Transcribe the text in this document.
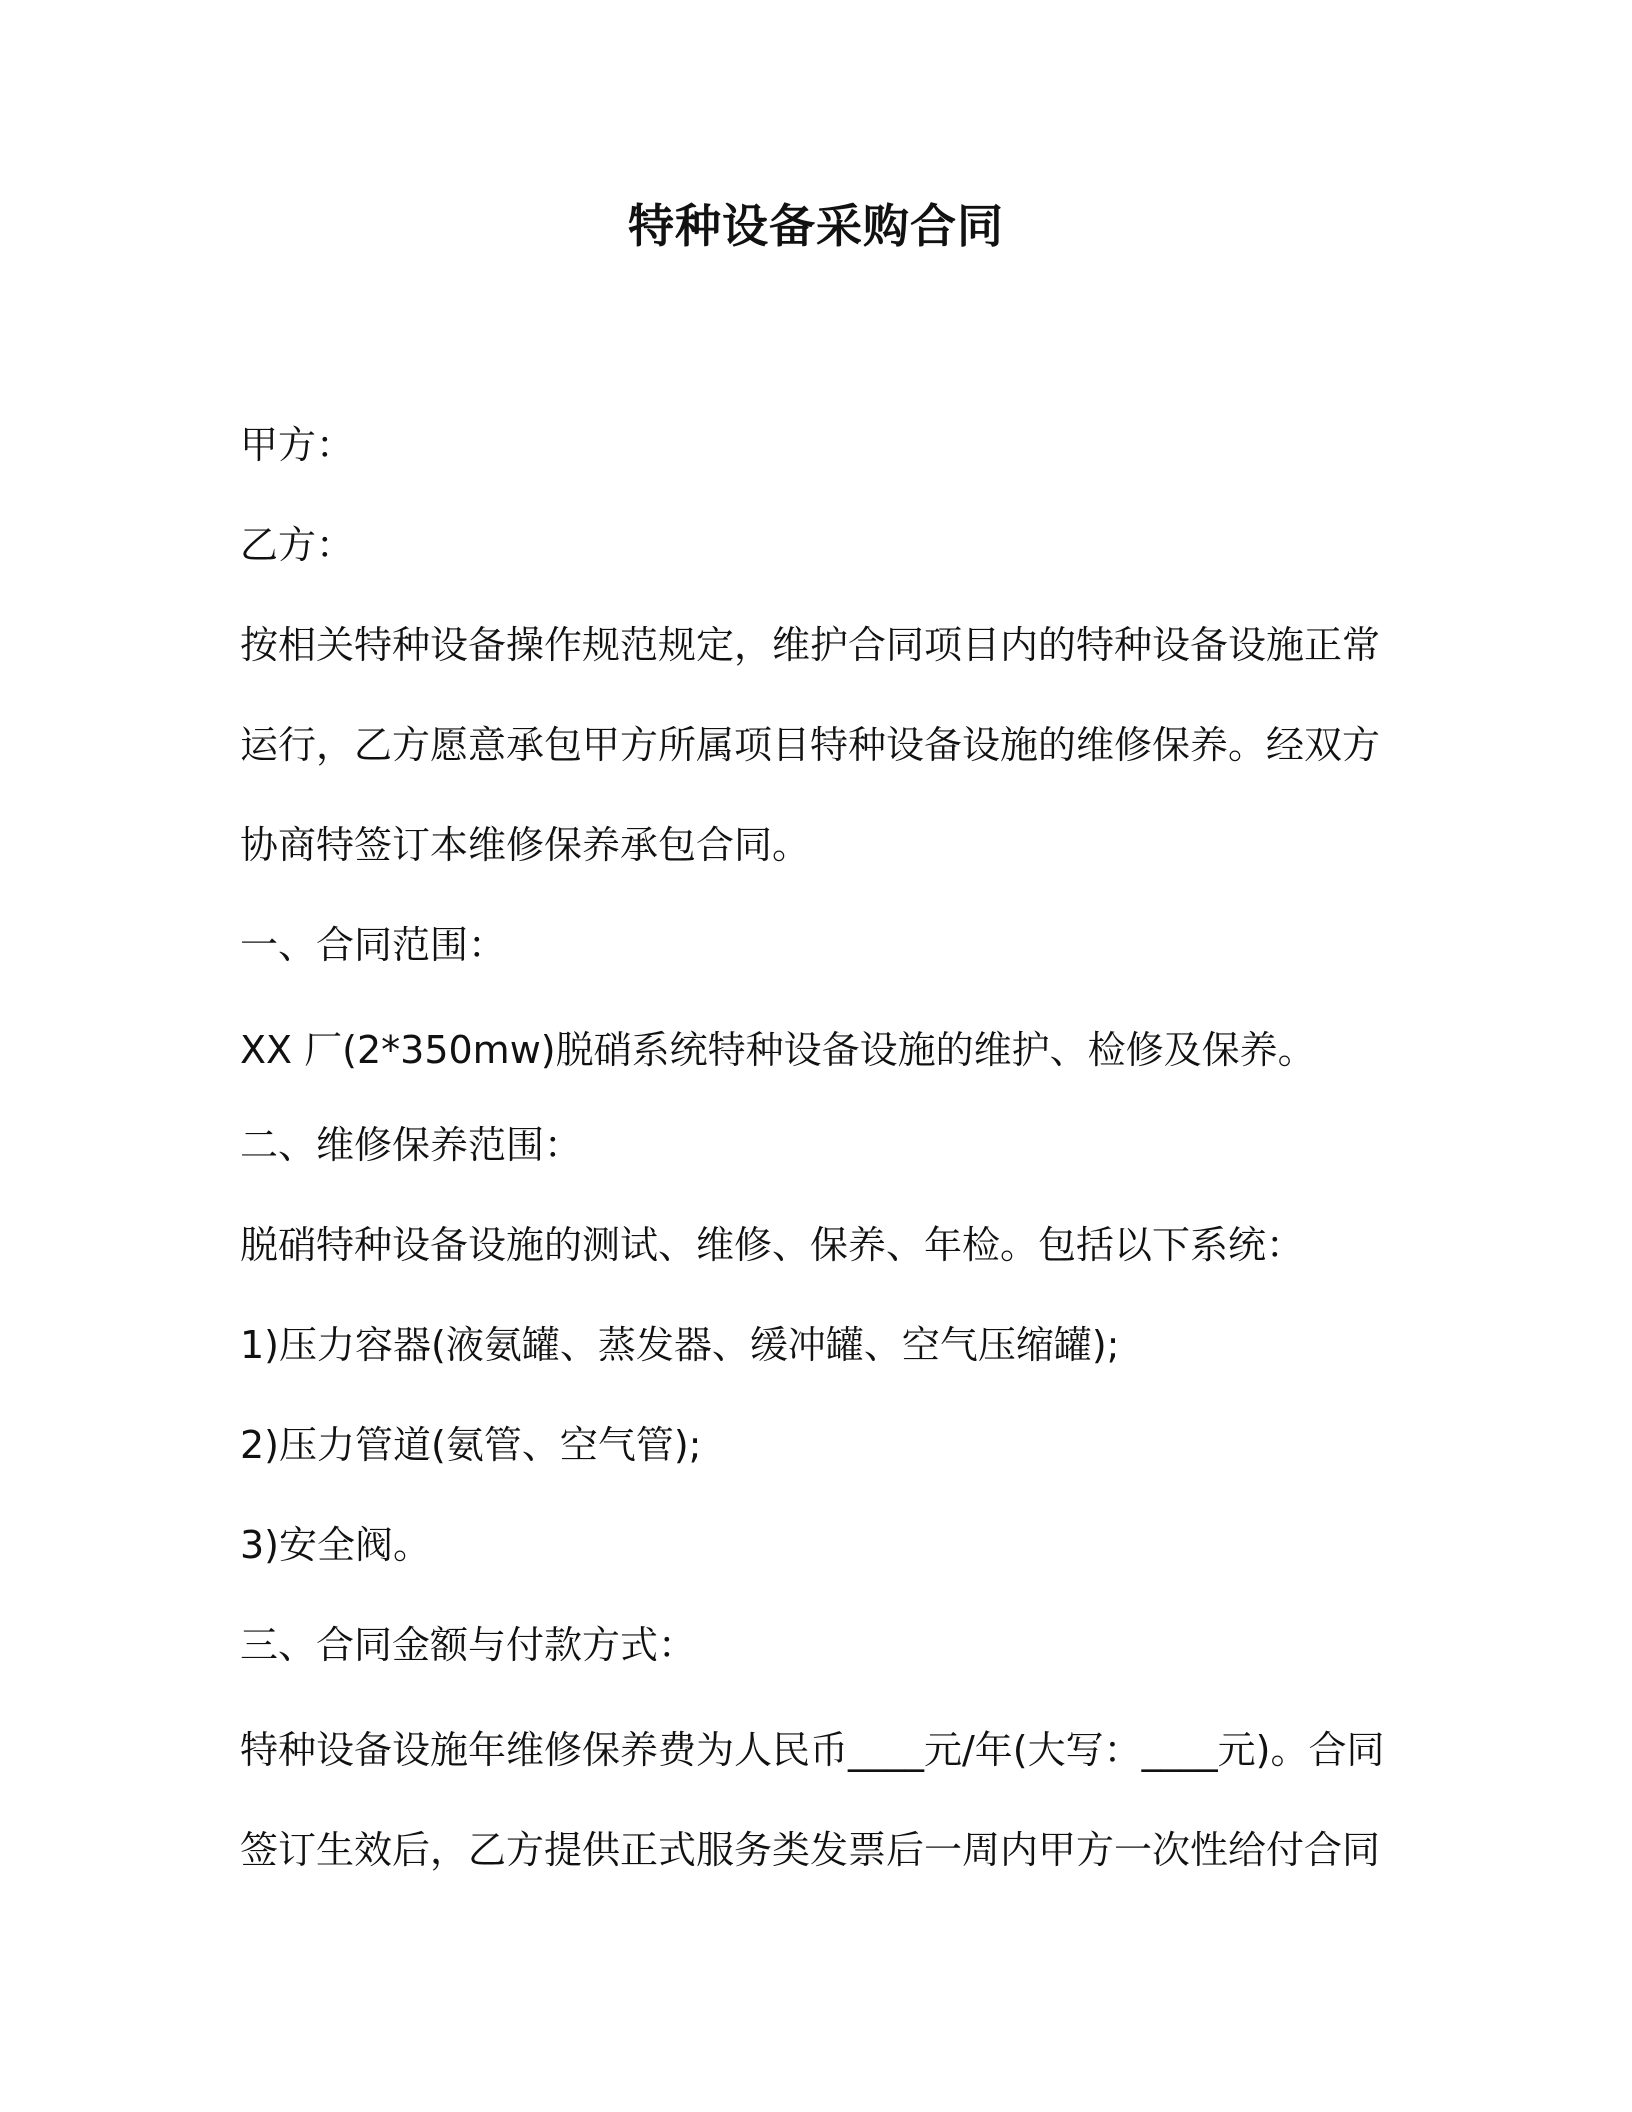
特种设备采购合同
甲方：
乙方：
按相关特种设备操作规范规定，维护合同项目内的特种设备设施正常
运行，乙方愿意承包甲方所属项目特种设备设施的维修保养。经双方
协商特签订本维修保养承包合同。
一、合同范围：
XX 厂(2*350mw)脱硝系统特种设备设施的维护、检修及保养。
二、维修保养范围：
脱硝特种设备设施的测试、维修、保养、年检。包括以下系统：
1)压力容器(液氨罐、蒸发器、缓冲罐、空气压缩罐);
2)压力管道(氨管、空气管);
3)安全阀。
三、合同金额与付款方式：
特种设备设施年维修保养费为人民币____元/年(大写：____元)。合同
签订生效后，乙方提供正式服务类发票后一周内甲方一次性给付合同
